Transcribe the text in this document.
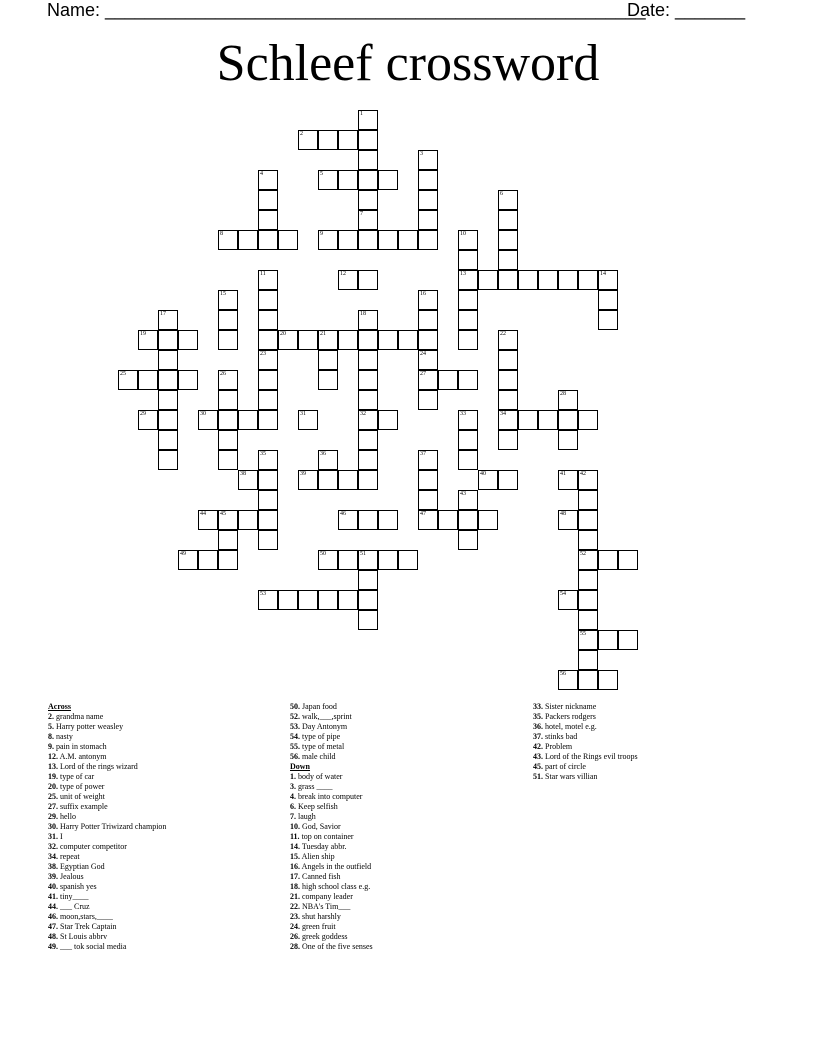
Name: ______________________________________________________
Date: _______
Schleef crossword
1
2
3
4	5
6
7
8	9	10
13
11	12	14
15	16
17	18
32
19	20	21	22
34
23	24
27
25	26
28
29	30	31	33
35	36	37
47
38	39	40	41 42
52
55
43
44 45	46	48
49	50	51
53	54
56
Across
2. grandma name
5. Harry potter weasley
8. nasty
9. pain in stomach
12. A.M. antonym
13. Lord of the rings wizard
19. type of car
20. type of power
25. unit of weight
27. suffix example
29. hello
30. Harry Potter Triwizard champion
31. I
32. computer competitor
34. repeat
38. Egyptian God
39. Jealous
40. spanish yes
41. tiny____
44. ___ Cruz
46. moon,stars,____
47. Star Trek Captain
48. St Louis abbrv
49. ___ tok social media
50. Japan food
52. walk,___,sprint
53. Day Antonym
54. type of pipe
55. type of metal
56. male child
Down
1. body of water
3. grass ____
4. break into computer
6. Keep selfish
7. laugh
10. God, Savior
11. top on container
14. Tuesday abbr.
15. Alien ship
16. Angels in the outfield
17. Canned fish
18. high school class e.g.
21. company leader
22. NBA's Tim___
23. shut harshly
24. green fruit
26. greek goddess
28. One of the five senses
33. Sister nickname
35. Packers rodgers
36. hotel, motel e.g.
37. stinks bad
42. Problem
43. Lord of the Rings evil troops
45. part of circle
51. Star wars villian
